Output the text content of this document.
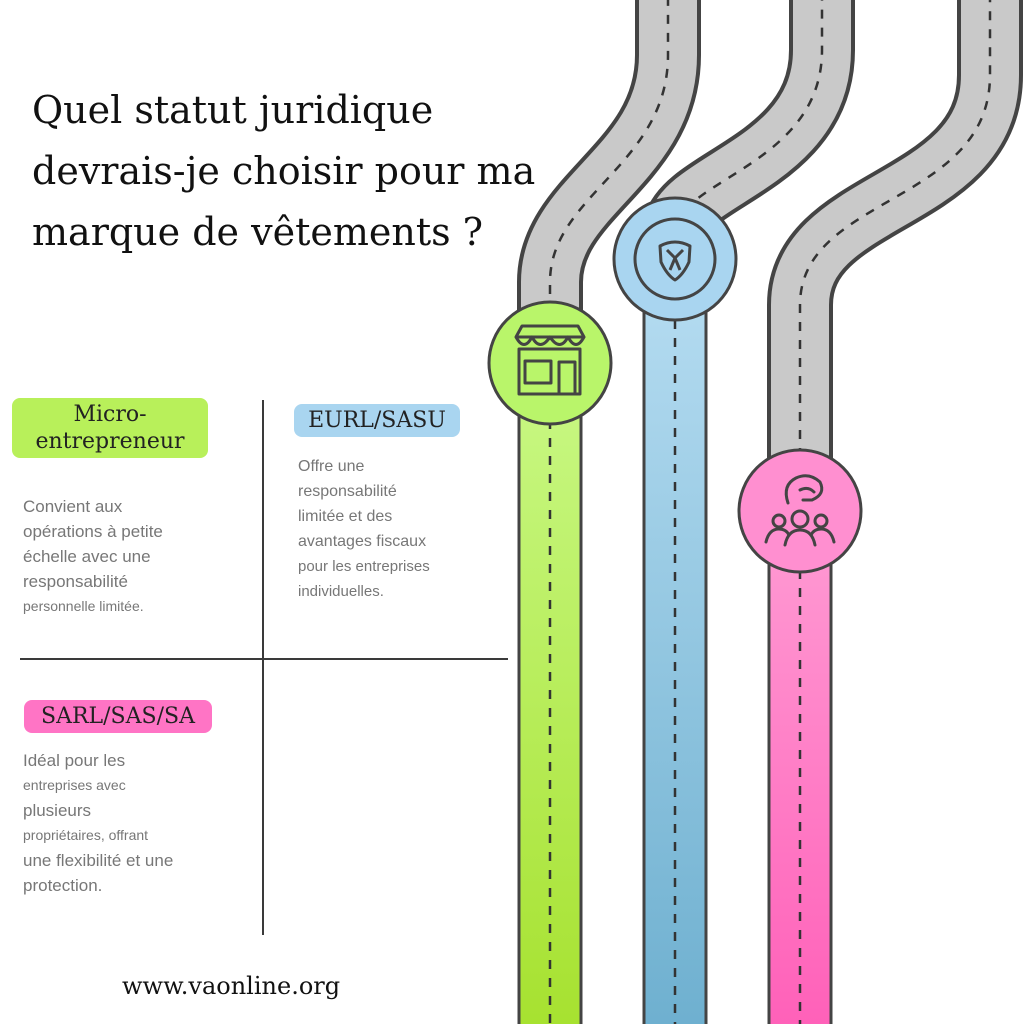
Quel statut juridique
devrais-je choisir pour ma
marque de vêtements ?
Micro-
entrepreneur
Convient aux
opérations à petite
échelle avec une
responsabilité
personnelle limitée.
EURL/SASU
Offre une
responsabilité
limitée et des
avantages fiscaux
pour les entreprises
individuelles.
SARL/SAS/SA
Idéal pour les
entreprises avec
plusieurs
propriétaires, offrant
une flexibilité et une
protection.

www.vaonline.org
